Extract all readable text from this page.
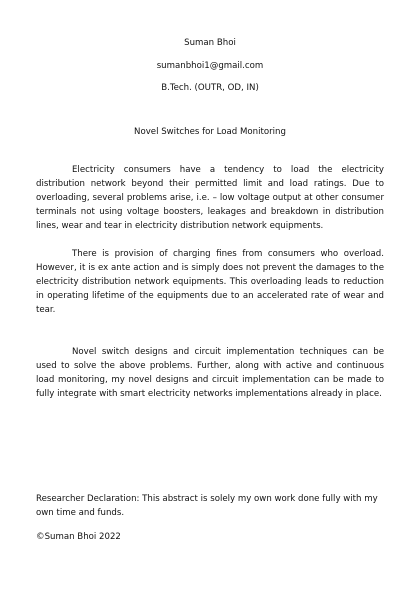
Suman Bhoi
sumanbhoi1@gmail.com
B.Tech. (OUTR, OD, IN)
Novel Switches for Load Monitoring

Electricity consumers have a tendency to load the electricity distribution network beyond their permitted limit and load ratings. Due to overloading, several problems arise, i.e. – low voltage output at other consumer terminals not using voltage boosters, leakages and breakdown in distribution lines, wear and tear in electricity distribution network equipments.

There is provision of charging fines from consumers who overload. However, it is ex ante action and is simply does not prevent the damages to the electricity distribution network equipments. This overloading leads to reduction in operating lifetime of the equipments due to an accelerated rate of wear and tear.

Novel switch designs and circuit implementation techniques can be used to solve the above problems. Further, along with active and continuous load monitoring, my novel designs and circuit implementation can be made to fully integrate with smart electricity networks implementations already in place.

Researcher Declaration: This abstract is solely my own work done fully with my own time and funds.

©Suman Bhoi 2022
